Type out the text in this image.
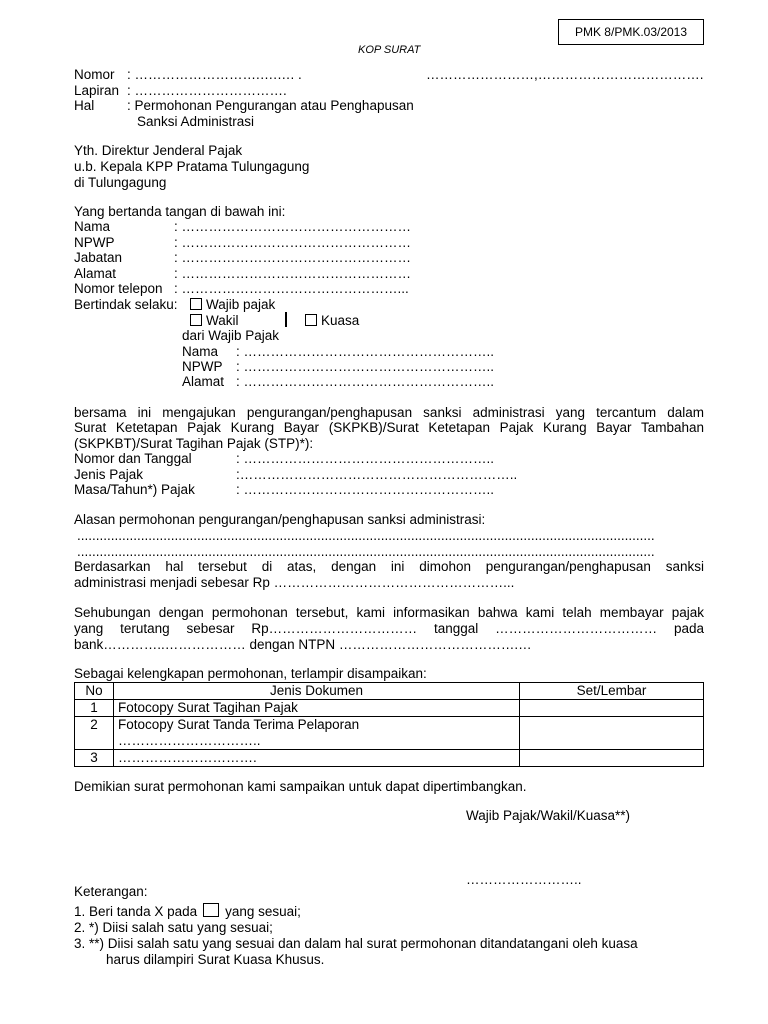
PMK 8/PMK.03/2013
KOP SURAT
Nomor : ……………………….….…. .	……………………,……………………………….
Lapiran : …………………………….
Hal : Permohonan Pengurangan atau Penghapusan
Sanksi Administrasi
Yth. Direktur Jenderal Pajak
u.b. Kepala KPP Pratama Tulungagung
di Tulungagung
Yang bertanda tangan di bawah ini:
Nama	: ……………………………………………
NPWP	: ……………………………………………
Jabatan	: ……………………………………………
Alamat	: ……………………………………………
Nomor telepon : …………………………………………...
Bertindak selaku:	Wajib pajak
Wakil	Kuasa
dari Wajib Pajak
Nama : ………………………………………………..
NPWP : ………………………………………………..
Alamat : ………………………………………………..
bersama ini mengajukan pengurangan/penghapusan sanksi administrasi yang tercantum dalam
Surat Ketetapan Pajak Kurang Bayar (SKPKB)/Surat Ketetapan Pajak Kurang Bayar Tambahan
(SKPKBT)/Surat Tagihan Pajak (STP)*):
Nomor dan Tanggal	: ………………………………………………..
Jenis Pajak	:……………………………………………………..
Masa/Tahun*) Pajak	: ………………………………………………..
Alasan permohonan pengurangan/penghapusan sanksi administrasi:
..........................................................................................................................................................
..........................................................................................................................................................
Berdasarkan hal tersebut di atas, dengan ini dimohon pengurangan/penghapusan sanksi
administrasi menjadi sebesar Rp ……………………………………………...
Sehubungan dengan permohonan tersebut, kami informasikan bahwa kami telah membayar pajak
yang terutang sebesar Rp…………………………… tanggal ……………………………… pada
bank…………..……………… dengan NTPN ………………………………….…
Sebagai kelengkapan permohonan, terlampir disampaikan:
No	Jenis Dokumen	Set/Lembar
1	Fotocopy Surat Tagihan Pajak	
2	Fotocopy Surat Tanda Terima Pelaporan
…………………………..	

3	………………………….	
Demikian surat permohonan kami sampaikan untuk dapat dipertimbangkan.
Wajib Pajak/Wakil/Kuasa**)
……………………..
Keterangan:
1. Beri tanda X pada yang sesuai;
2. *) Diisi salah satu yang sesuai;
3. **) Diisi salah satu yang sesuai dan dalam hal surat permohonan ditandatangani oleh kuasa
harus dilampiri Surat Kuasa Khusus.
